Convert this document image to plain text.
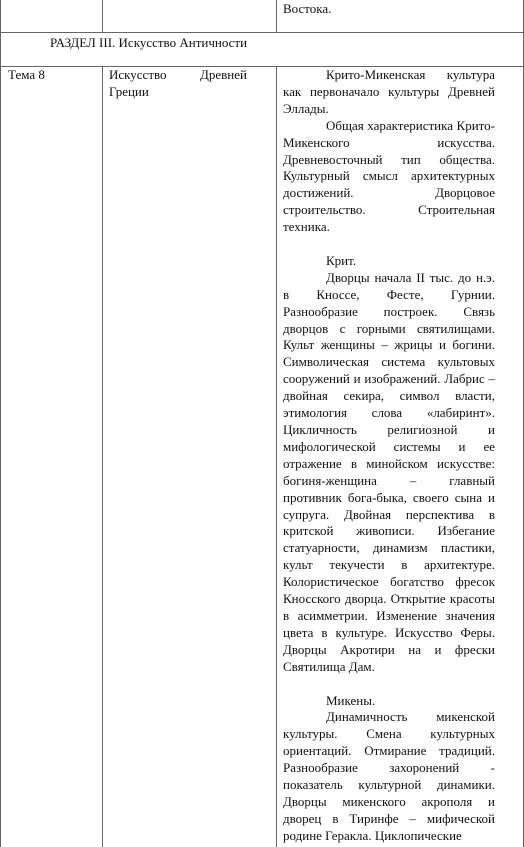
Востока.
РАЗДЕЛ III. Искусство Античности
Тема 8	Искусство Древней Греции

Крито-Микенская культура как первоначало культуры Древней Эллады.

Общая характеристика Крито-Микенского искусства. Древневосточный тип общества. Культурный смысл архитектурных достижений. Дворцовое строительство. Строительная техника.

Крит.

Дворцы начала II тыс. до н.э. в Кноссе, Фесте, Гурнии. Разнообразие построек. Связь дворцов с горными святилищами. Культ женщины – жрицы и богини. Символическая система культовых сооружений и изображений. Лабрис – двойная секира, символ власти, этимология слова «лабиринт». Цикличность религиозной и мифологической системы и ее отражение в минойском искусстве: богиня-женщина – главный противник бога-быка, своего сына и супруга. Двойная перспектива в критской живописи. Избегание статуарности, динамизм пластики, культ текучести в архитектуре. Колористическое богатство фресок Кносского дворца. Открытие красоты в асимметрии. Изменение значения цвета в культуре. Искусство Феры. Дворцы Акротири на и фрески Святилища Дам.

Микены.

Динамичность микенской культуры. Смена культурных ориентаций. Отмирание традиций. Разнообразие захоронений - показатель культурной динамики. Дворцы микенского акрополя и дворец в Тиринфе – мифической родине Геракла. Циклопические
